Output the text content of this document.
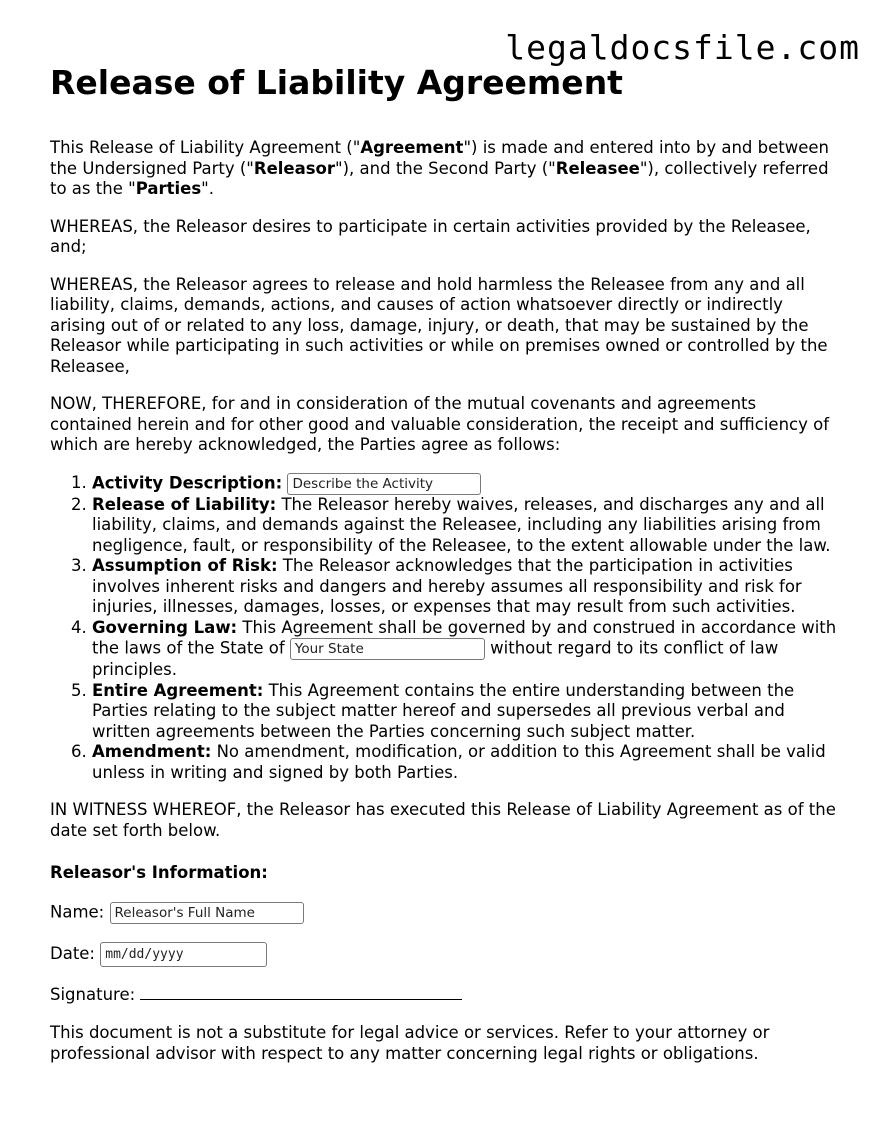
legaldocsfile.com
Release of Liability Agreement

This Release of Liability Agreement ("Agreement") is made and entered into by and between the Undersigned Party ("Releasor"), and the Second Party ("Releasee"), collectively referred to as the "Parties".

WHEREAS, the Releasor desires to participate in certain activities provided by the Releasee, and;

WHEREAS, the Releasor agrees to release and hold harmless the Releasee from any and all liability, claims, demands, actions, and causes of action whatsoever directly or indirectly arising out of or related to any loss, damage, injury, or death, that may be sustained by the Releasor while participating in such activities or while on premises owned or controlled by the Releasee,

NOW, THEREFORE, for and in consideration of the mutual covenants and agreements contained herein and for other good and valuable consideration, the receipt and sufficiency of which are hereby acknowledged, the Parties agree as follows:

1. Activity Description: Describe the Activity
2. Release of Liability: The Releasor hereby waives, releases, and discharges any and all liability, claims, and demands against the Releasee, including any liabilities arising from negligence, fault, or responsibility of the Releasee, to the extent allowable under the law.
3. Assumption of Risk: The Releasor acknowledges that the participation in activities involves inherent risks and dangers and hereby assumes all responsibility and risk for injuries, illnesses, damages, losses, or expenses that may result from such activities.
4. Governing Law: This Agreement shall be governed by and construed in accordance with the laws of the State of Your State	without regard to its conflict of law principles.
5. Entire Agreement: This Agreement contains the entire understanding between the Parties relating to the subject matter hereof and supersedes all previous verbal and written agreements between the Parties concerning such subject matter.
6. Amendment: No amendment, modification, or addition to this Agreement shall be valid unless in writing and signed by both Parties.

IN WITNESS WHEREOF, the Releasor has executed this Release of Liability Agreement as of the date set forth below.

Releasor's Information:
Name: Releasor's Full Name
Date: mm/dd/yyyy
Signature:

This document is not a substitute for legal advice or services. Refer to your attorney or professional advisor with respect to any matter concerning legal rights or obligations.
